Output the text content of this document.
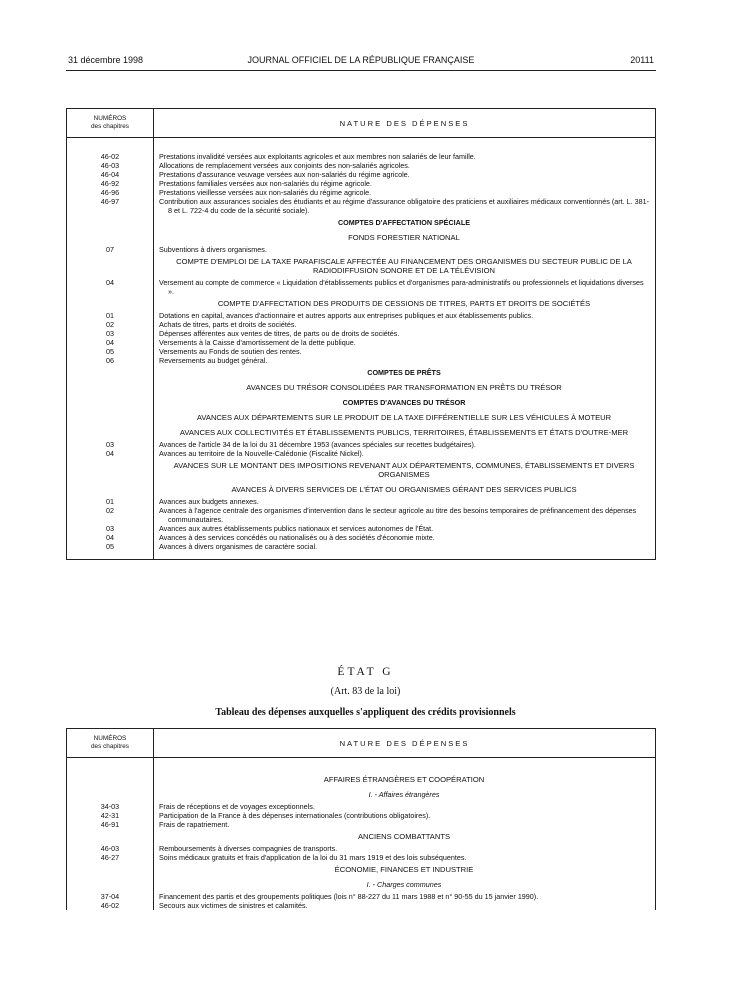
31 décembre 1998	JOURNAL OFFICIEL DE LA RÉPUBLIQUE FRANÇAISE	20111
NUMÉROS
des chapitres	NATURE DES DÉPENSES

46-02	Prestations invalidité versées aux exploitants agricoles et aux membres non salariés de leur famille.

46-03	Allocations de remplacement versées aux conjoints des non-salariés agricoles.

46-04	Prestations d'assurance veuvage versées aux non-salariés du régime agricole.

46-92	Prestations familiales versées aux non-salariés du régime agricole.

46-96	Prestations vieillesse versées aux non-salariés du régime agricole.

46-97	Contribution aux assurances sociales des étudiants et au régime d'assurance obligatoire des praticiens et auxiliaires médicaux conventionnés (art. L. 381-8 et L. 722-4 du code de la sécurité sociale).

	COMPTES D'AFFECTATION SPÉCIALE
	FONDS FORESTIER NATIONAL
07	Subventions à divers organismes.

	COMPTE D'EMPLOI DE LA TAXE PARAFISCALE AFFECTÉE AU FINANCEMENT DES ORGANISMES DU SECTEUR PUBLIC DE LA RADIODIFFUSION SONORE ET DE LA TÉLÉVISION
04	Versement au compte de commerce « Liquidation d'établissements publics et d'organismes para-administratifs ou professionnels et liquidations diverses ».

	COMPTE D'AFFECTATION DES PRODUITS DE CESSIONS DE TITRES, PARTS ET DROITS DE SOCIÉTÉS
01	Dotations en capital, avances d'actionnaire et autres apports aux entreprises publiques et aux établissements publics.

02	Achats de titres, parts et droits de sociétés.

03	Dépenses afférentes aux ventes de titres, de parts ou de droits de sociétés.

04	Versements à la Caisse d'amortissement de la dette publique.

05	Versements au Fonds de soutien des rentes.

06	Reversements au budget général.

	COMPTES DE PRÊTS
	AVANCES DU TRÉSOR CONSOLIDÉES PAR TRANSFORMATION EN PRÊTS DU TRÉSOR
	COMPTES D'AVANCES DU TRÉSOR
	AVANCES AUX DÉPARTEMENTS SUR LE PRODUIT DE LA TAXE DIFFÉRENTIELLE SUR LES VÉHICULES À MOTEUR
	AVANCES AUX COLLECTIVITÉS ET ÉTABLISSEMENTS PUBLICS, TERRITOIRES, ÉTABLISSEMENTS ET ÉTATS D'OUTRE-MER
03	Avances de l'article 34 de la loi du 31 décembre 1953 (avances spéciales sur recettes budgétaires).

04	Avances au territoire de la Nouvelle-Calédonie (Fiscalité Nickel).

	AVANCES SUR LE MONTANT DES IMPOSITIONS REVENANT AUX DÉPARTEMENTS, COMMUNES, ÉTABLISSEMENTS ET DIVERS ORGANISMES
	AVANCES À DIVERS SERVICES DE L'ÉTAT OU ORGANISMES GÉRANT DES SERVICES PUBLICS
01	Avances aux budgets annexes.

02	Avances à l'agence centrale des organismes d'intervention dans le secteur agricole au titre des besoins temporaires de préfinancement des dépenses communautaires.

03	Avances aux autres établissements publics nationaux et services autonomes de l'État.

04	Avances à des services concédés ou nationalisés ou à des sociétés d'économie mixte.

05	Avances à divers organismes de caractère social.

ÉTAT G
(Art. 83 de la loi)
Tableau des dépenses auxquelles s'appliquent des crédits provisionnels
NUMÉROS
des chapitres	NATURE DES DÉPENSES

	AFFAIRES ÉTRANGÈRES ET COOPÉRATION
	I. - Affaires étrangères
34-03	Frais de réceptions et de voyages exceptionnels.

42-31	Participation de la France à des dépenses internationales (contributions obligatoires).

46-91	Frais de rapatriement.

	ANCIENS COMBATTANTS
46-03	Remboursements à diverses compagnies de transports.

46-27	Soins médicaux gratuits et frais d'application de la loi du 31 mars 1919 et des lois subséquentes.

	ÉCONOMIE, FINANCES ET INDUSTRIE
	I. - Charges communes
37-04	Financement des partis et des groupements politiques (lois n° 88-227 du 11 mars 1988 et n° 90-55 du 15 janvier 1990).

46-02	Secours aux victimes de sinistres et calamités.
